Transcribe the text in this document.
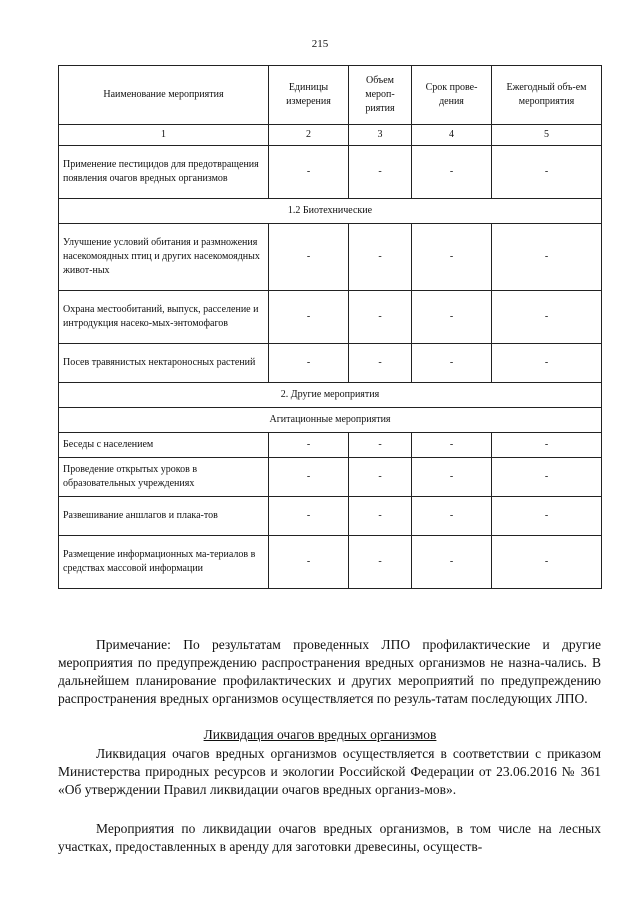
215
Наименование мероприятия	Единицы измерения	Объем мероп-риятия	Срок прове-дения	Ежегодный объ-ем мероприятия
1	2	3	4	5
Применение пестицидов для предотвращения появления очагов вредных организмов	-	-	-	-
1.2 Биотехнические				
Улучшение условий обитания и размножения насекомоядных птиц и других насекомоядных живот-ных	-	-	-	-
Охрана местообитаний, выпуск, расселение и интродукция насеко-мых-энтомофагов	-	-	-	-
Посев травянистых нектароносных растений	-	-	-	-
2. Другие мероприятия				
Агитационные мероприятия				
Беседы с населением	-	-	-	-
Проведение открытых уроков в образовательных учреждениях	-	-	-	-
Развешивание аншлагов и плака-тов	-	-	-	-
Размещение информационных ма-териалов в средствах массовой информации	-	-	-	-
Примечание: По результатам проведенных ЛПО профилактические и другие мероприятия по предупреждению распространения вредных организмов не назна-чались. В дальнейшем планирование профилактических и других мероприятий по предупреждению распространения вредных организмов осуществляется по резуль-татам последующих ЛПО.
Ликвидация очагов вредных организмов
Ликвидация очагов вредных организмов осуществляется в соответствии с приказом Министерства природных ресурсов и экологии Российской Федерации от 23.06.2016 № 361 «Об утверждении Правил ликвидации очагов вредных организ-мов».
Мероприятия по ликвидации очагов вредных организмов, в том числе на лесных участках, предоставленных в аренду для заготовки древесины, осуществ-
